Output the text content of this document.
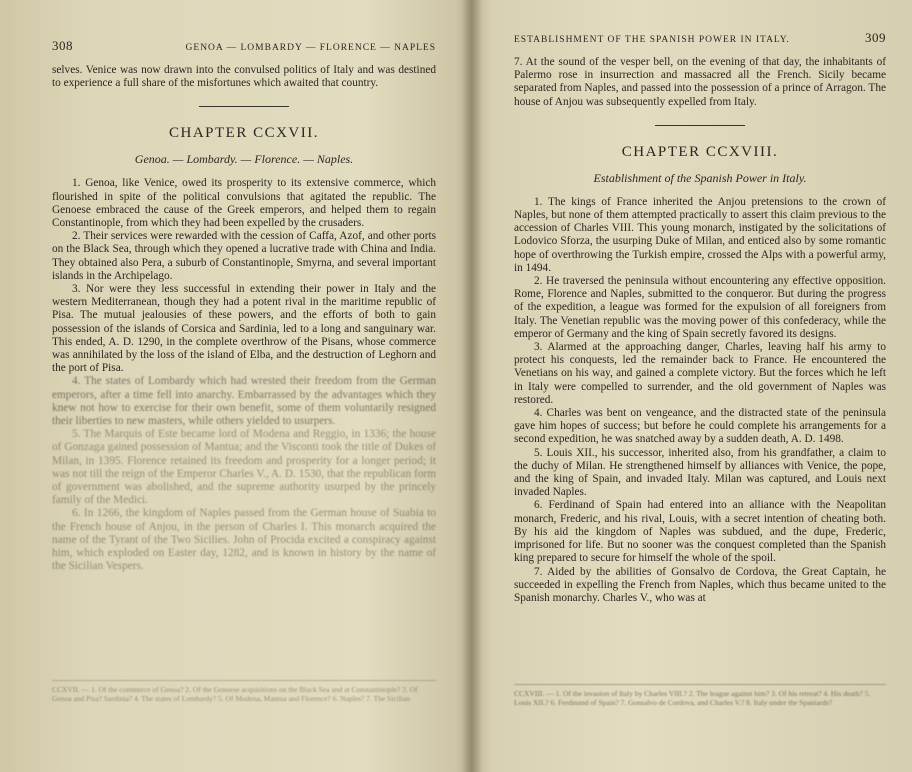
308	GENOA — LOMBARDY — FLORENCE — NAPLES

selves. Venice was now drawn into the convulsed politics of Italy and was destined to experience a full share of the misfortunes which awaited that country.

CHAPTER CCXVII.
Genoa. — Lombardy. — Florence. — Naples.

1. Genoa, like Venice, owed its prosperity to its extensive commerce, which flourished in spite of the political convulsions that agitated the republic. The Genoese embraced the cause of the Greek emperors, and helped them to regain Constantinople, from which they had been expelled by the crusaders.

2. Their services were rewarded with the cession of Caffa, Azof, and other ports on the Black Sea, through which they opened a lucrative trade with China and India. They obtained also Pera, a suburb of Constantinople, Smyrna, and several important islands in the Archipelago.

3. Nor were they less successful in extending their power in Italy and the western Mediterranean, though they had a potent rival in the maritime republic of Pisa. The mutual jealousies of these powers, and the efforts of both to gain possession of the islands of Corsica and Sardinia, led to a long and sanguinary war. This ended, A. D. 1290, in the complete overthrow of the Pisans, whose commerce was annihilated by the loss of the island of Elba, and the destruction of Leghorn and the port of Pisa.

4. The states of Lombardy which had wrested their freedom from the German emperors, after a time fell into anarchy. Embarrassed by the advantages which they knew not how to exercise for their own benefit, some of them voluntarily resigned their liberties to new masters, while others yielded to usurpers.

5. The Marquis of Este became lord of Modena and Reggio, in 1336; the house of Gonzaga gained possession of Mantua; and the Visconti took the title of Dukes of Milan, in 1395. Florence retained its freedom and prosperity for a longer period; it was not till the reign of the Emperor Charles V., A. D. 1530, that the republican form of government was abolished, and the supreme authority usurped by the princely family of the Medici.

6. In 1266, the kingdom of Naples passed from the German house of Suabia to the French house of Anjou, in the person of Charles I. This monarch acquired the name of the Tyrant of the Two Sicilies. John of Procida excited a conspiracy against him, which exploded on Easter day, 1282, and is known in history by the name of the Sicilian Vespers.

CCXVII. — 1. Of the commerce of Genoa? 2. Of the Genoese acquisitions on the Black Sea and at Constantinople? 3. Of Genoa and Pisa? Sardinia? 4. The states of Lombardy? 5. Of Modena, Mantua and Florence? 6. Naples? 7. The Sicilian
ESTABLISHMENT OF THE SPANISH POWER IN ITALY.	309

7. At the sound of the vesper bell, on the evening of that day, the inhabitants of Palermo rose in insurrection and massacred all the French. Sicily became separated from Naples, and passed into the possession of a prince of Arragon. The house of Anjou was subsequently expelled from Italy.

CHAPTER CCXVIII.
Establishment of the Spanish Power in Italy.

1. The kings of France inherited the Anjou pretensions to the crown of Naples, but none of them attempted practically to assert this claim previous to the accession of Charles VIII. This young monarch, instigated by the solicitations of Lodovico Sforza, the usurping Duke of Milan, and enticed also by some romantic hope of overthrowing the Turkish empire, crossed the Alps with a powerful army, in 1494.

2. He traversed the peninsula without encountering any effective opposition. Rome, Florence and Naples, submitted to the conqueror. But during the progress of the expedition, a league was formed for the expulsion of all foreigners from Italy. The Venetian republic was the moving power of this confederacy, while the emperor of Germany and the king of Spain secretly favored its designs.

3. Alarmed at the approaching danger, Charles, leaving half his army to protect his conquests, led the remainder back to France. He encountered the Venetians on his way, and gained a complete victory. But the forces which he left in Italy were compelled to surrender, and the old government of Naples was restored.

4. Charles was bent on vengeance, and the distracted state of the peninsula gave him hopes of success; but before he could complete his arrangements for a second expedition, he was snatched away by a sudden death, A. D. 1498.

5. Louis XII., his successor, inherited also, from his grandfather, a claim to the duchy of Milan. He strengthened himself by alliances with Venice, the pope, and the king of Spain, and invaded Italy. Milan was captured, and Louis next invaded Naples.

6. Ferdinand of Spain had entered into an alliance with the Neapolitan monarch, Frederic, and his rival, Louis, with a secret intention of cheating both. By his aid the kingdom of Naples was subdued, and the dupe, Frederic, imprisoned for life. But no sooner was the conquest completed than the Spanish king prepared to secure for himself the whole of the spoil.

7. Aided by the abilities of Gonsalvo de Cordova, the Great Captain, he succeeded in expelling the French from Naples, which thus became united to the Spanish monarchy. Charles V., who was at

CCXVIII. — 1. Of the invasion of Italy by Charles VIII.? 2. The league against him? 3. Of his retreat? 4. His death? 5. Louis XII.? 6. Ferdinand of Spain? 7. Gonsalvo de Cordova, and Charles V.? 8. Italy under the Spaniards?
